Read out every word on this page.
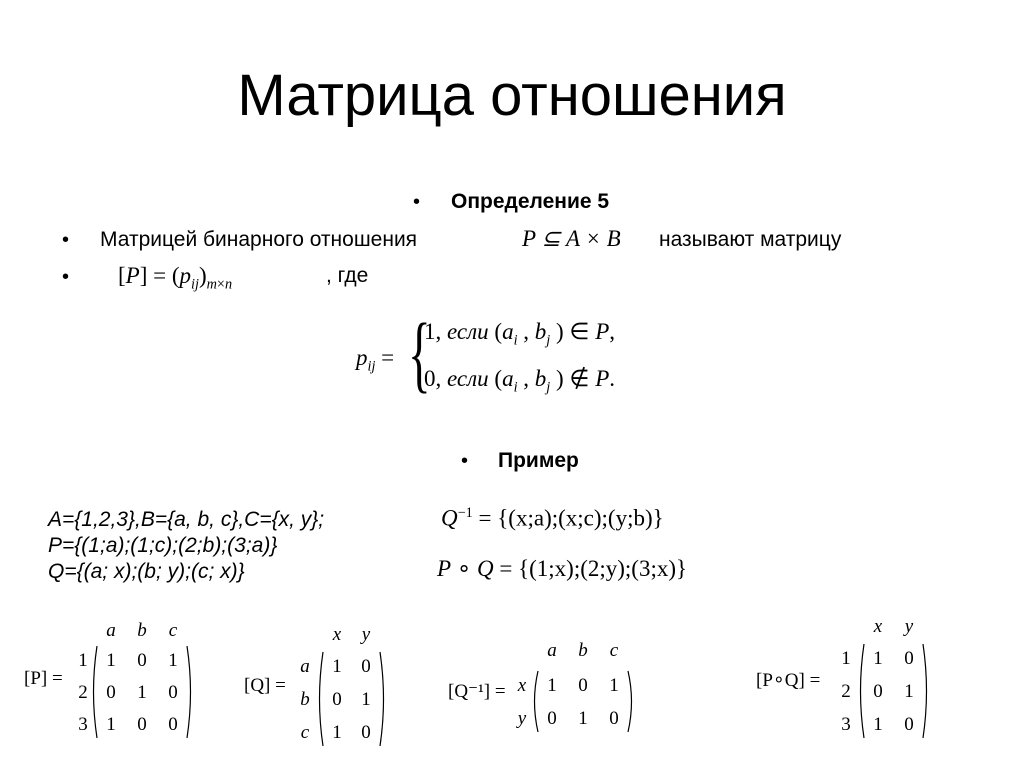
Матрица отношения
• Определение 5
• Матрицей бинарного отношения	P ⊆ A × B называют матрицу
• $[P] = (p_{ij})_{m\times n}$	, где
$p_{ij}$ = {
1, если ($a_i$ , $b_j$ ) ∈ P,
0, если ($a_i$ , $b_j$ ) ∉ P.
• Пример
A={1,2,3},B={a, b, c},C={x, y};
P={(1;a);(1;c);(2;b);(3;a)}
Q={(a; x);(b; y);(c; x)}
$Q^{-1}$ = {(x;a);(x;c);(y;b)}
P ∘ Q = {(1;x);(2;y);(3;x)}
[P] =
a b c
1 1 0 1
2 0 1 0
3 1 0 0
[Q] =
x y
a 1 0
b 0 1
c 1 0
[Q⁻¹] =
a b c
x 1 0 1
y 0 1 0
[P∘Q] =
x y
1 1 0
2 0 1
3 1 0
